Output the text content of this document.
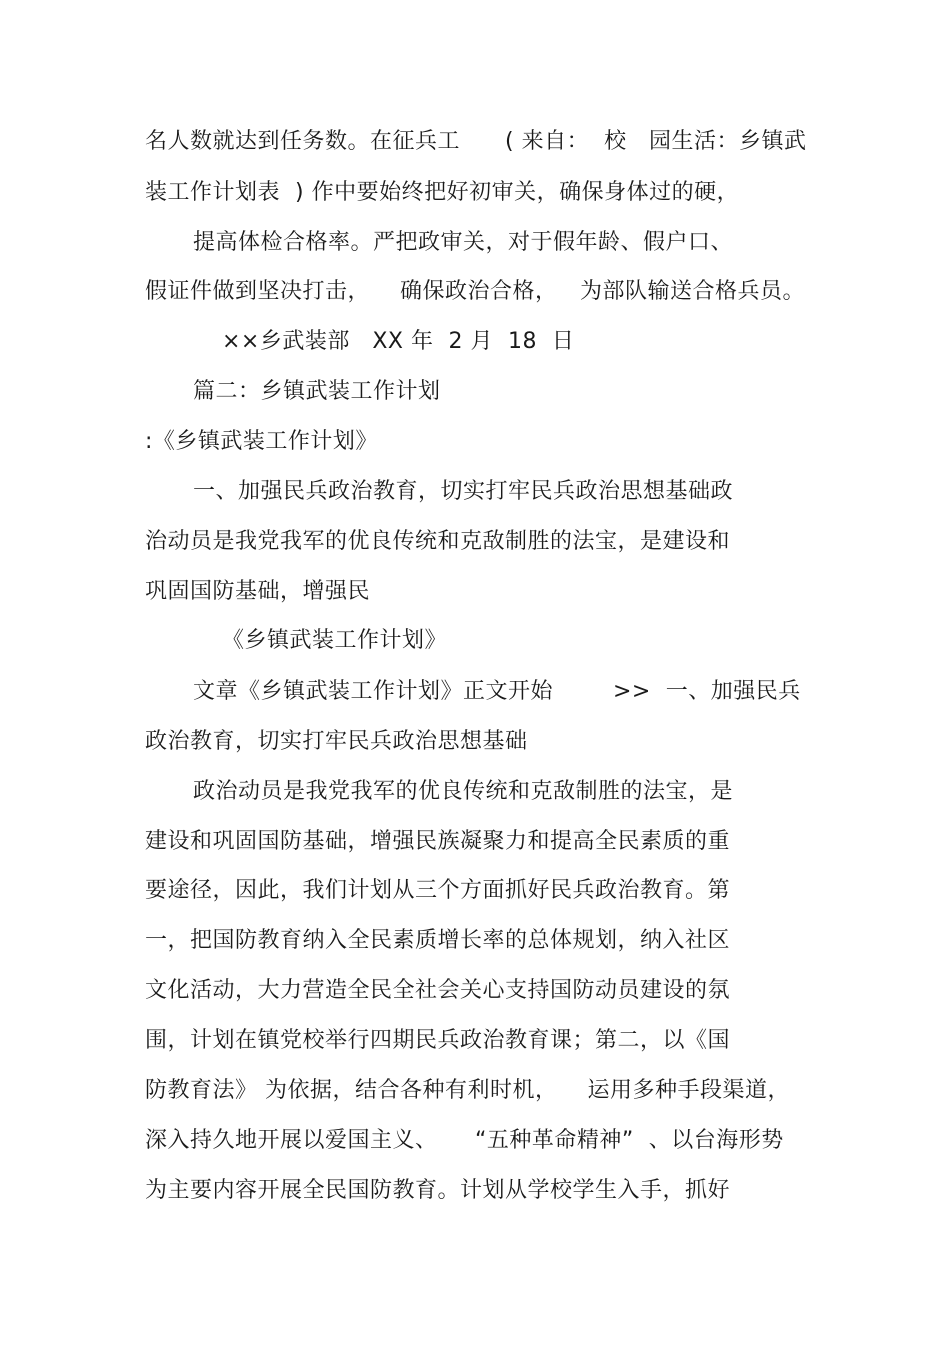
名人数就达到任务数。在征兵工　　( 来自：  校   园生活：乡镇武
装工作计划表  ) 作中要始终把好初审关，确保身体过的硬，
提高体检合格率。严把政审关，对于假年龄、假户口、
假证件做到坚决打击，    确保政治合格，   为部队输送合格兵员。
××乡武装部   XX 年  2 月  18  日
篇二：乡镇武装工作计划
:《乡镇武装工作计划》
一、加强民兵政治教育，切实打牢民兵政治思想基础政
治动员是我党我军的优良传统和克敌制胜的法宝，是建设和
巩固国防基础，增强民
《乡镇武装工作计划》
文章《乡镇武装工作计划》正文开始        >>  一、加强民兵
政治教育，切实打牢民兵政治思想基础
政治动员是我党我军的优良传统和克敌制胜的法宝，是
建设和巩固国防基础，增强民族凝聚力和提高全民素质的重
要途径，因此，我们计划从三个方面抓好民兵政治教育。第
一，把国防教育纳入全民素质增长率的总体规划，纳入社区
文化活动，大力营造全民全社会关心支持国防动员建设的氛
围，计划在镇党校举行四期民兵政治教育课；第二，以《国
防教育法》 为依据，结合各种有利时机，    运用多种手段渠道，
深入持久地开展以爱国主义、     “五种革命精神”  、以台海形势
为主要内容开展全民国防教育。计划从学校学生入手，抓好
